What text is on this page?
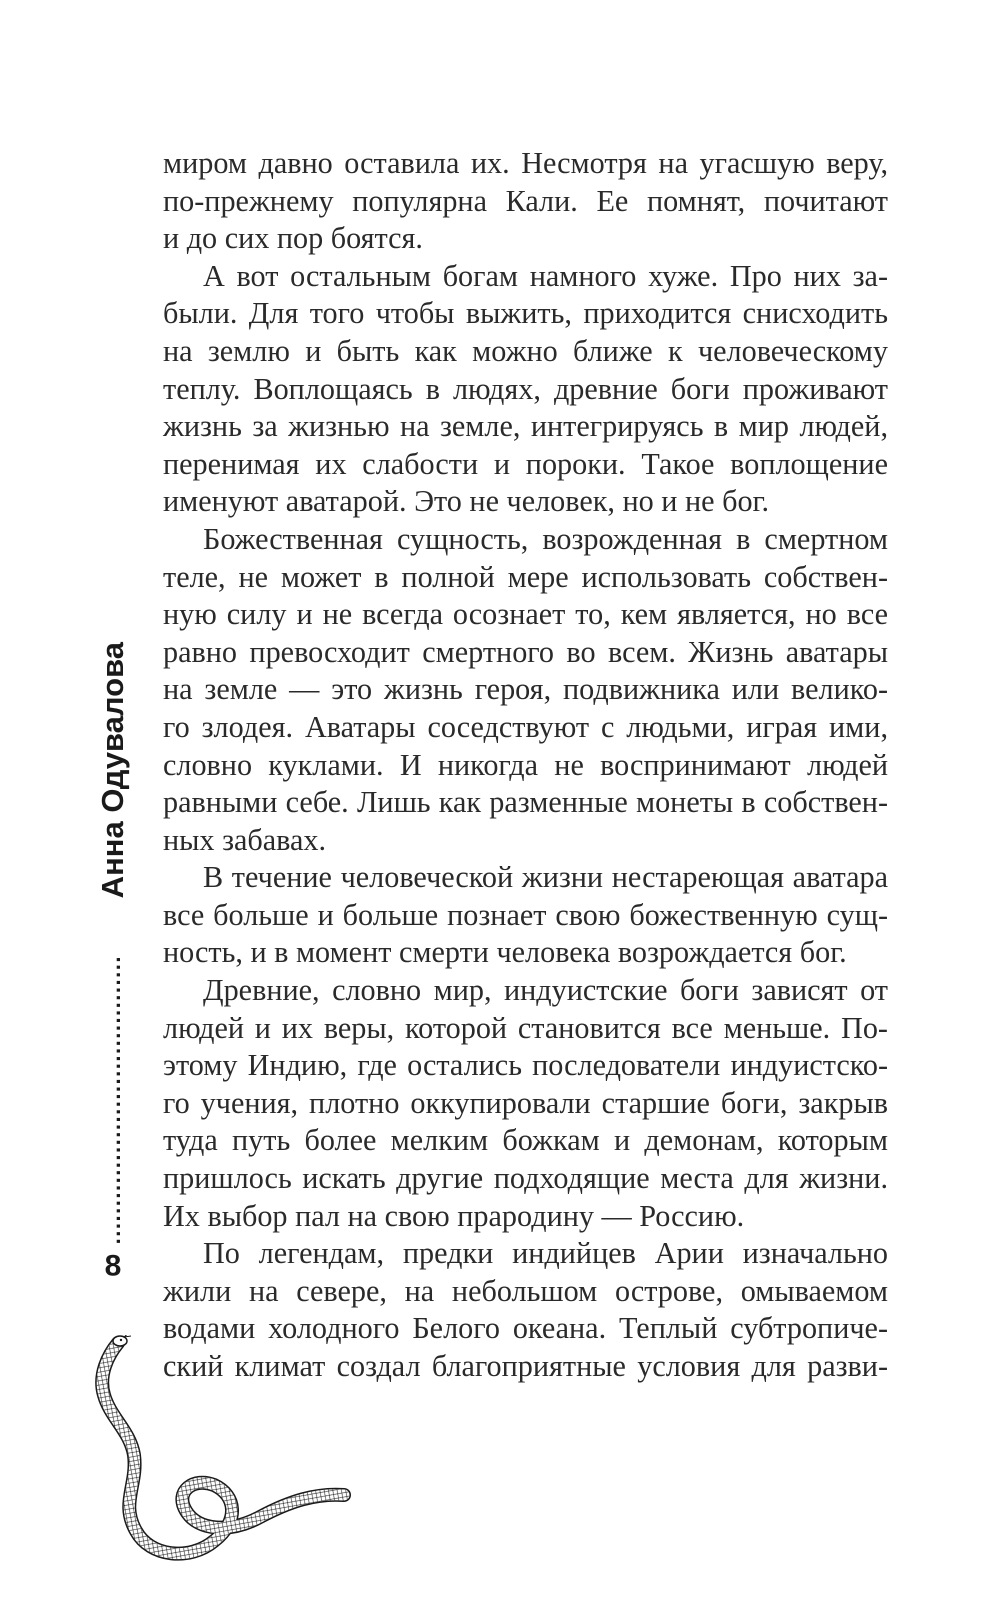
миром давно оставила их. Несмотря на угасшую веру,
по-прежнему популярна Кали. Ее помнят, почитают
и до сих пор боятся.
А вот остальным богам намного хуже. Про них за-
были. Для того чтобы выжить, приходится снисходить
на землю и быть как можно ближе к человеческому
теплу. Воплощаясь в людях, древние боги проживают
жизнь за жизнью на земле, интегрируясь в мир людей,
перенимая их слабости и пороки. Такое воплощение
именуют аватарой. Это не человек, но и не бог.
Божественная сущность, возрожденная в смертном
теле, не может в полной мере использовать собствен-
ную силу и не всегда осознает то, кем является, но все
равно превосходит смертного во всем. Жизнь аватары
на земле — это жизнь героя, подвижника или велико-
го злодея. Аватары соседствуют с людьми, играя ими,
словно куклами. И никогда не воспринимают людей
равными себе. Лишь как разменные монеты в собствен-
ных забавах.
В течение человеческой жизни нестареющая аватара
все больше и больше познает свою божественную сущ-
ность, и в момент смерти человека возрождается бог.
Древние, словно мир, индуистские боги зависят от
людей и их веры, которой становится все меньше. По-
этому Индию, где остались последователи индуистско-
го учения, плотно оккупировали старшие боги, закрыв
туда путь более мелким божкам и демонам, которым
пришлось искать другие подходящие места для жизни.
Их выбор пал на свою прародину — Россию.
По легендам, предки индийцев Арии изначально
жили на севере, на небольшом острове, омываемом
водами холодного Белого океана. Теплый субтропиче-
ский климат создал благоприятные условия для разви-
8
......................................
Анна Одувалова
